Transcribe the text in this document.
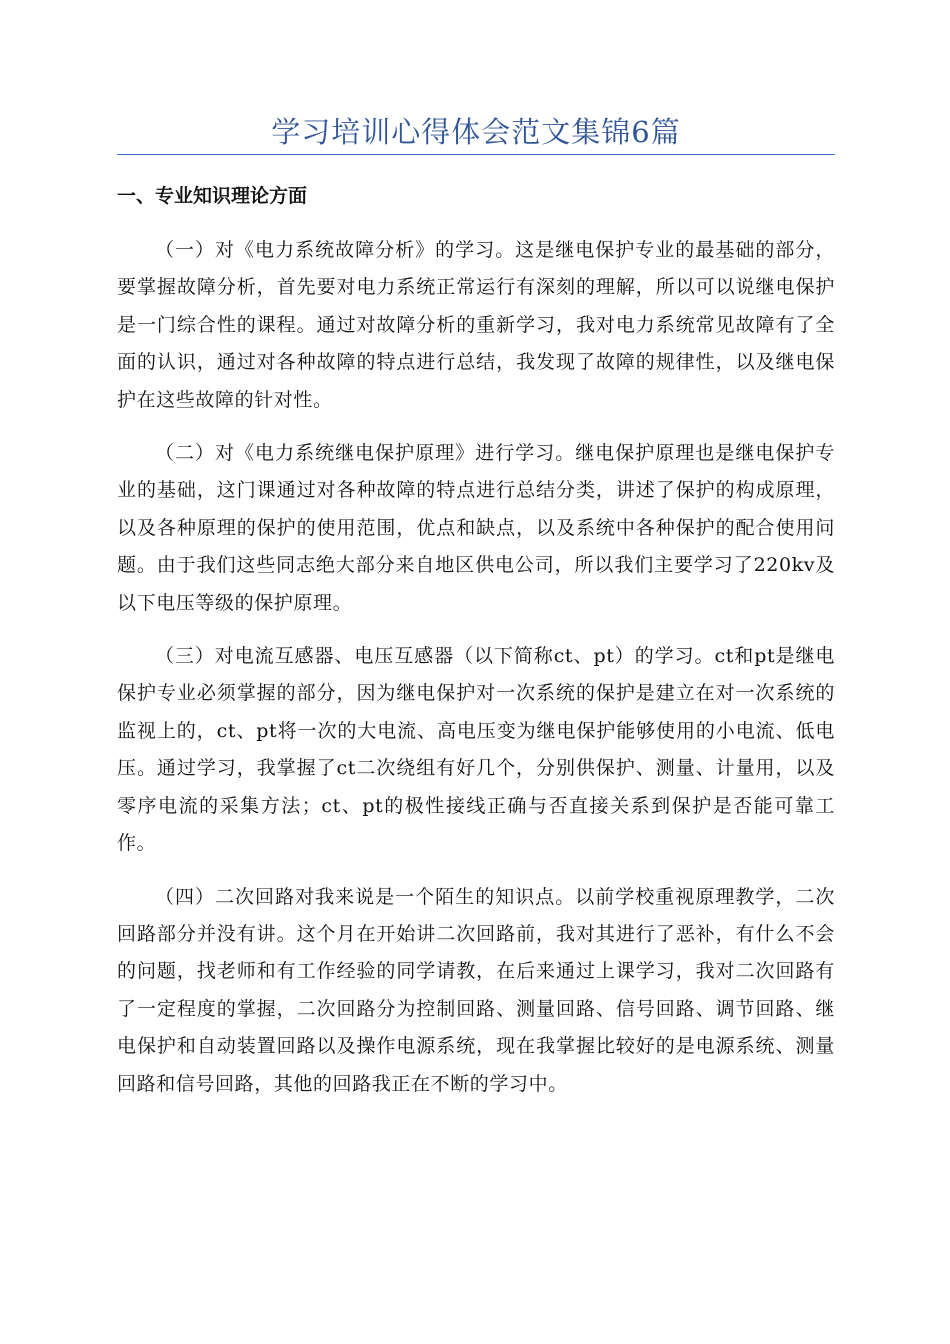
学习培训心得体会范文集锦6篇
一、专业知识理论方面

（一）对《电力系统故障分析》的学习。这是继电保护专业的最基础的部分，要掌握故障分析，首先要对电力系统正常运行有深刻的理解，所以可以说继电保护是一门综合性的课程。通过对故障分析的重新学习，我对电力系统常见故障有了全面的认识，通过对各种故障的特点进行总结，我发现了故障的规律性，以及继电保护在这些故障的针对性。

（二）对《电力系统继电保护原理》进行学习。继电保护原理也是继电保护专业的基础，这门课通过对各种故障的特点进行总结分类，讲述了保护的构成原理，以及各种原理的保护的使用范围，优点和缺点，以及系统中各种保护的配合使用问题。由于我们这些同志绝大部分来自地区供电公司，所以我们主要学习了220kv及以下电压等级的保护原理。

（三）对电流互感器、电压互感器（以下简称ct、pt）的学习。ct和pt是继电保护专业必须掌握的部分，因为继电保护对一次系统的保护是建立在对一次系统的监视上的，ct、pt将一次的大电流、高电压变为继电保护能够使用的小电流、低电压。通过学习，我掌握了ct二次绕组有好几个，分别供保护、测量、计量用，以及零序电流的采集方法；ct、pt的极性接线正确与否直接关系到保护是否能可靠工作。

（四）二次回路对我来说是一个陌生的知识点。以前学校重视原理教学，二次回路部分并没有讲。这个月在开始讲二次回路前，我对其进行了恶补，有什么不会的问题，找老师和有工作经验的同学请教，在后来通过上课学习，我对二次回路有了一定程度的掌握，二次回路分为控制回路、测量回路、信号回路、调节回路、继电保护和自动装置回路以及操作电源系统，现在我掌握比较好的是电源系统、测量回路和信号回路，其他的回路我正在不断的学习中。
